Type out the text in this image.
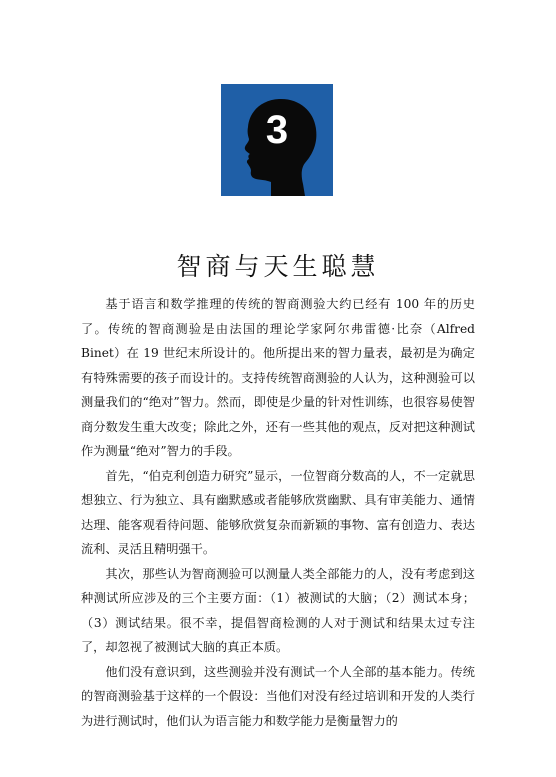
3
智商与天生聪慧

基于语言和数学推理的传统的智商测验大约已经有 100 年的历史了。传统的智商测验是由法国的理论学家阿尔弗雷德·比奈（Alfred Binet）在 19 世纪末所设计的。他所提出来的智力量表，最初是为确定有特殊需要的孩子而设计的。支持传统智商测验的人认为，这种测验可以测量我们的“绝对”智力。然而，即使是少量的针对性训练，也很容易使智商分数发生重大改变；除此之外，还有一些其他的观点，反对把这种测试作为测量“绝对”智力的手段。

首先，“伯克利创造力研究”显示，一位智商分数高的人，不一定就思想独立、行为独立、具有幽默感或者能够欣赏幽默、具有审美能力、通情达理、能客观看待问题、能够欣赏复杂而新颖的事物、富有创造力、表达流利、灵活且精明强干。

其次，那些认为智商测验可以测量人类全部能力的人，没有考虑到这种测试所应涉及的三个主要方面：（1）被测试的大脑；（2）测试本身；（3）测试结果。很不幸，提倡智商检测的人对于测试和结果太过专注了，却忽视了被测试大脑的真正本质。

他们没有意识到，这些测验并没有测试一个人全部的基本能力。传统的智商测验基于这样的一个假设：当他们对没有经过培训和开发的人类行为进行测试时，他们认为语言能力和数学能力是衡量智力的
